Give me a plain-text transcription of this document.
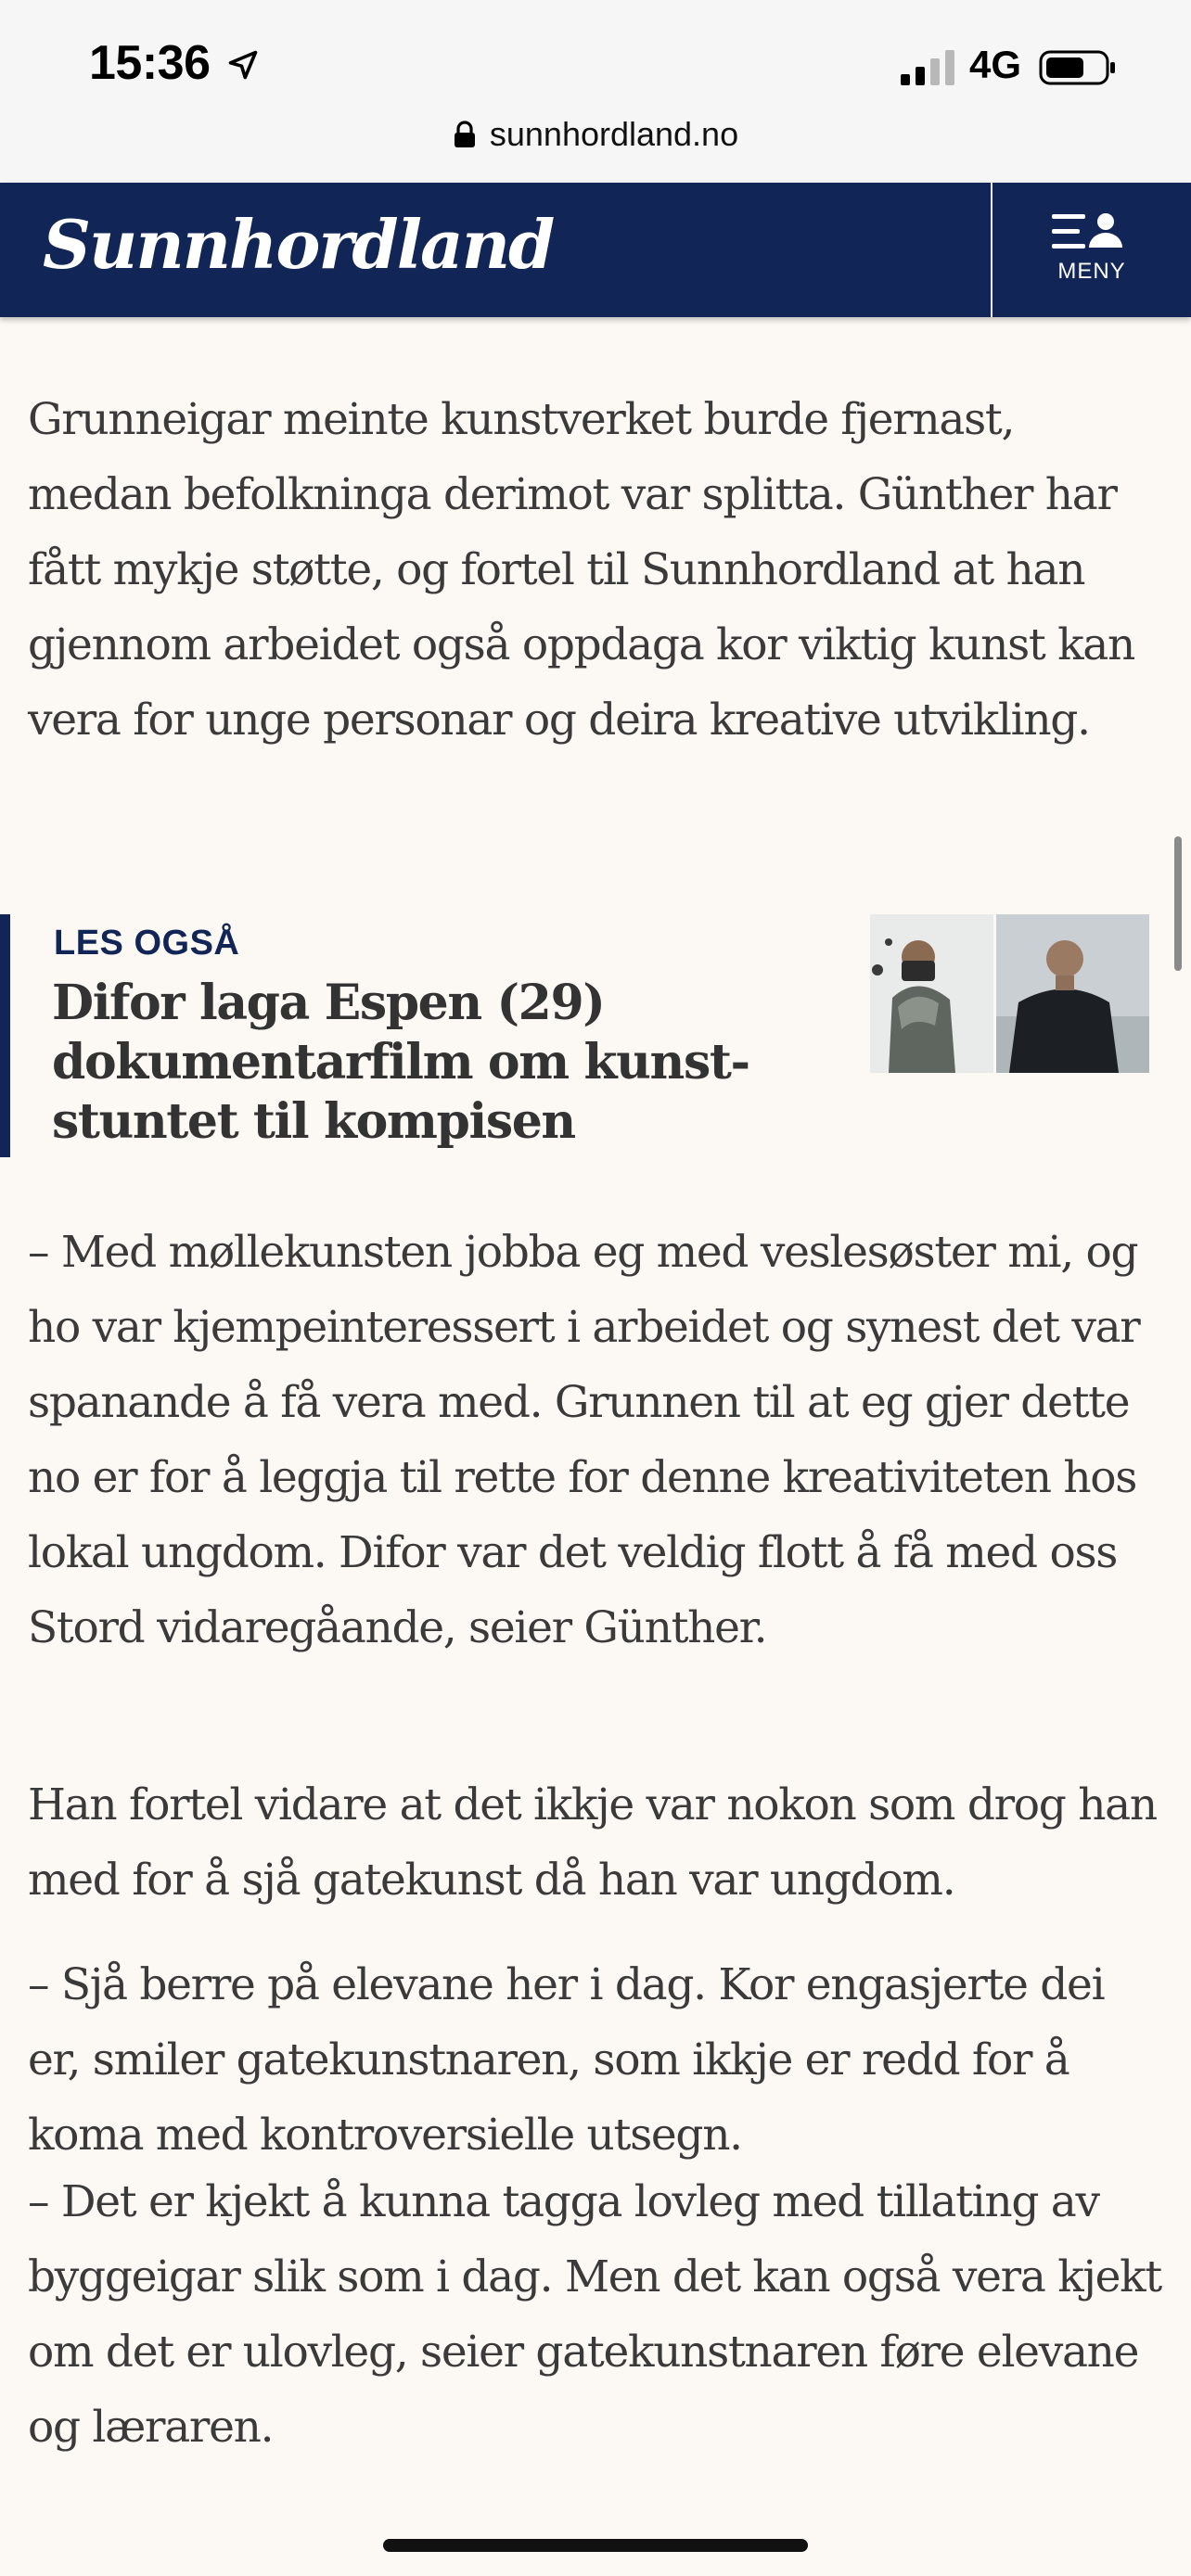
15:36	4G
sunnhordland.no
Sunnhordland	MENY

Grunneigar meinte kunstverket burde fjernast, medan befolkninga derimot var splitta. Günther har fått mykje støtte, og fortel til Sunnhordland at han gjennom arbeidet også oppdaga kor viktig kunst kan vera for unge personar og deira kreative utvikling.

LES OGSÅ
Difor laga Espen (29) dokumentarfilm om kunst-stuntet til kompisen

– Med møllekunsten jobba eg med veslesøster mi, og ho var kjempeinteressert i arbeidet og synest det var spanande å få vera med. Grunnen til at eg gjer dette no er for å leggja til rette for denne kreativiteten hos lokal ungdom. Difor var det veldig flott å få med oss Stord vidaregåande, seier Günther.

Han fortel vidare at det ikkje var nokon som drog han med for å sjå gatekunst då han var ungdom.

– Sjå berre på elevane her i dag. Kor engasjerte dei er, smiler gatekunstnaren, som ikkje er redd for å koma med kontroversielle utsegn.

– Det er kjekt å kunna tagga lovleg med tillating av byggeigar slik som i dag. Men det kan også vera kjekt om det er ulovleg, seier gatekunstnaren føre elevane og læraren.
